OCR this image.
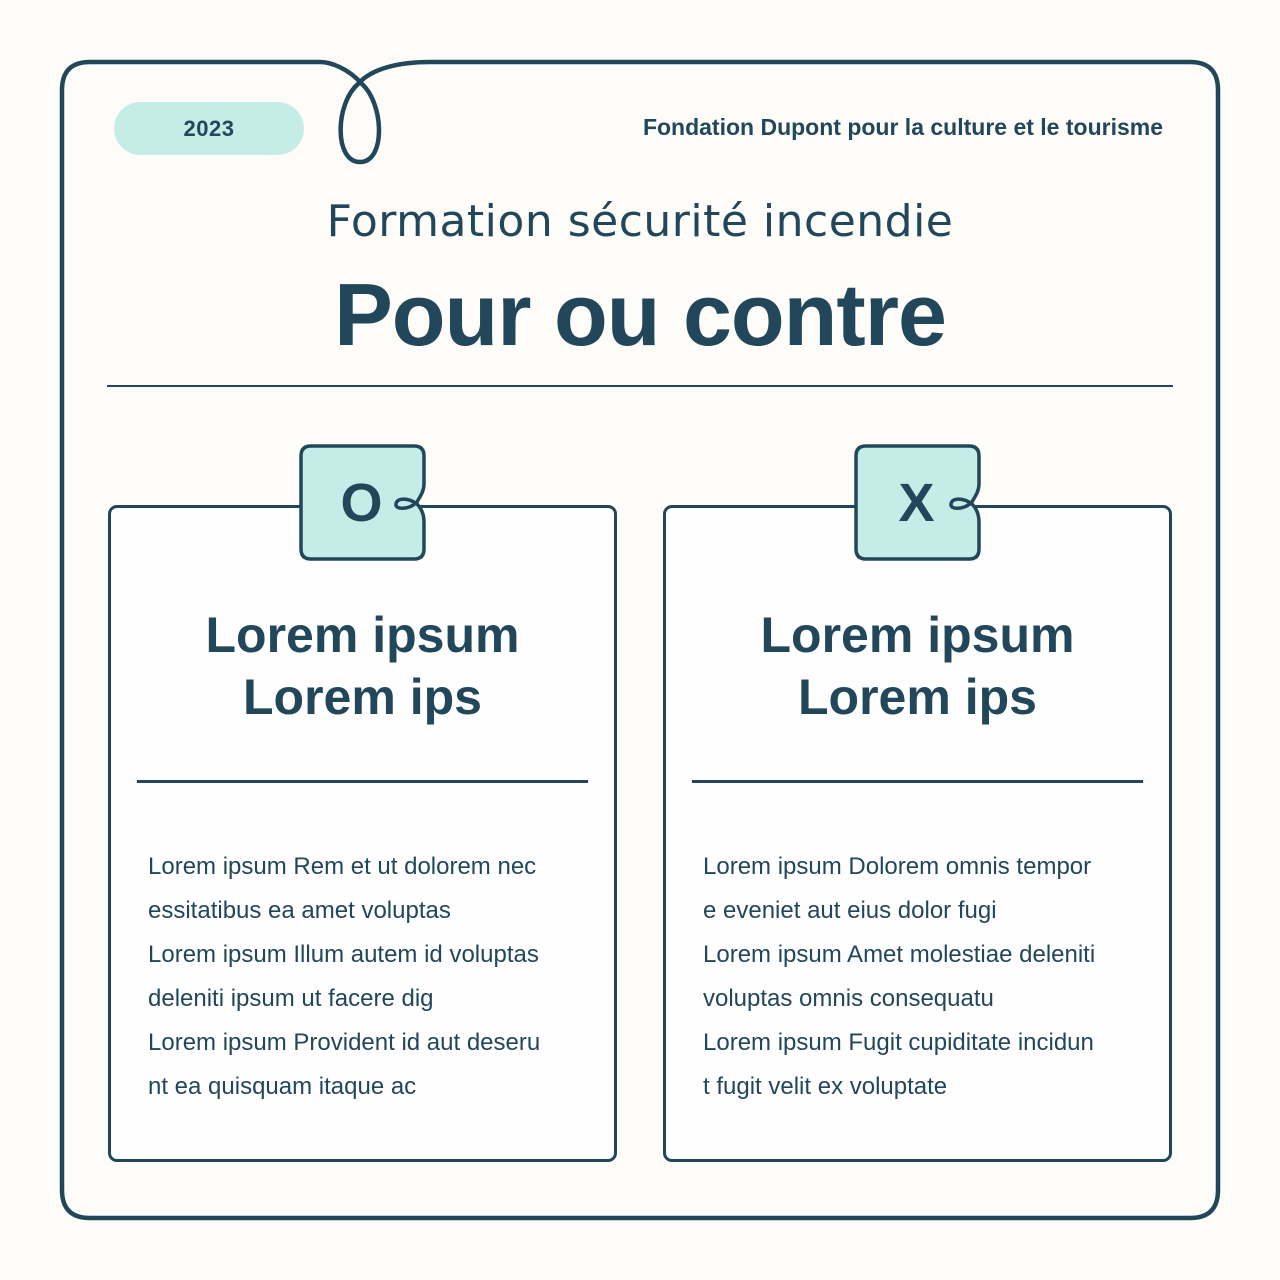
2023	Fondation Dupont pour la culture et le tourisme
Formation sécurité incendie
Pour ou contre
Lorem ipsum
Lorem ips
Lorem ipsum Rem et ut dolorem nec
essitatibus ea amet voluptas
Lorem ipsum Illum autem id voluptas
deleniti ipsum ut facere dig
Lorem ipsum Provident id aut deseru
nt ea quisquam itaque ac
Lorem ipsum
Lorem ips
Lorem ipsum Dolorem omnis tempor
e eveniet aut eius dolor fugi
Lorem ipsum Amet molestiae deleniti
voluptas omnis consequatu
Lorem ipsum Fugit cupiditate incidun
t fugit velit ex voluptate
O	X
